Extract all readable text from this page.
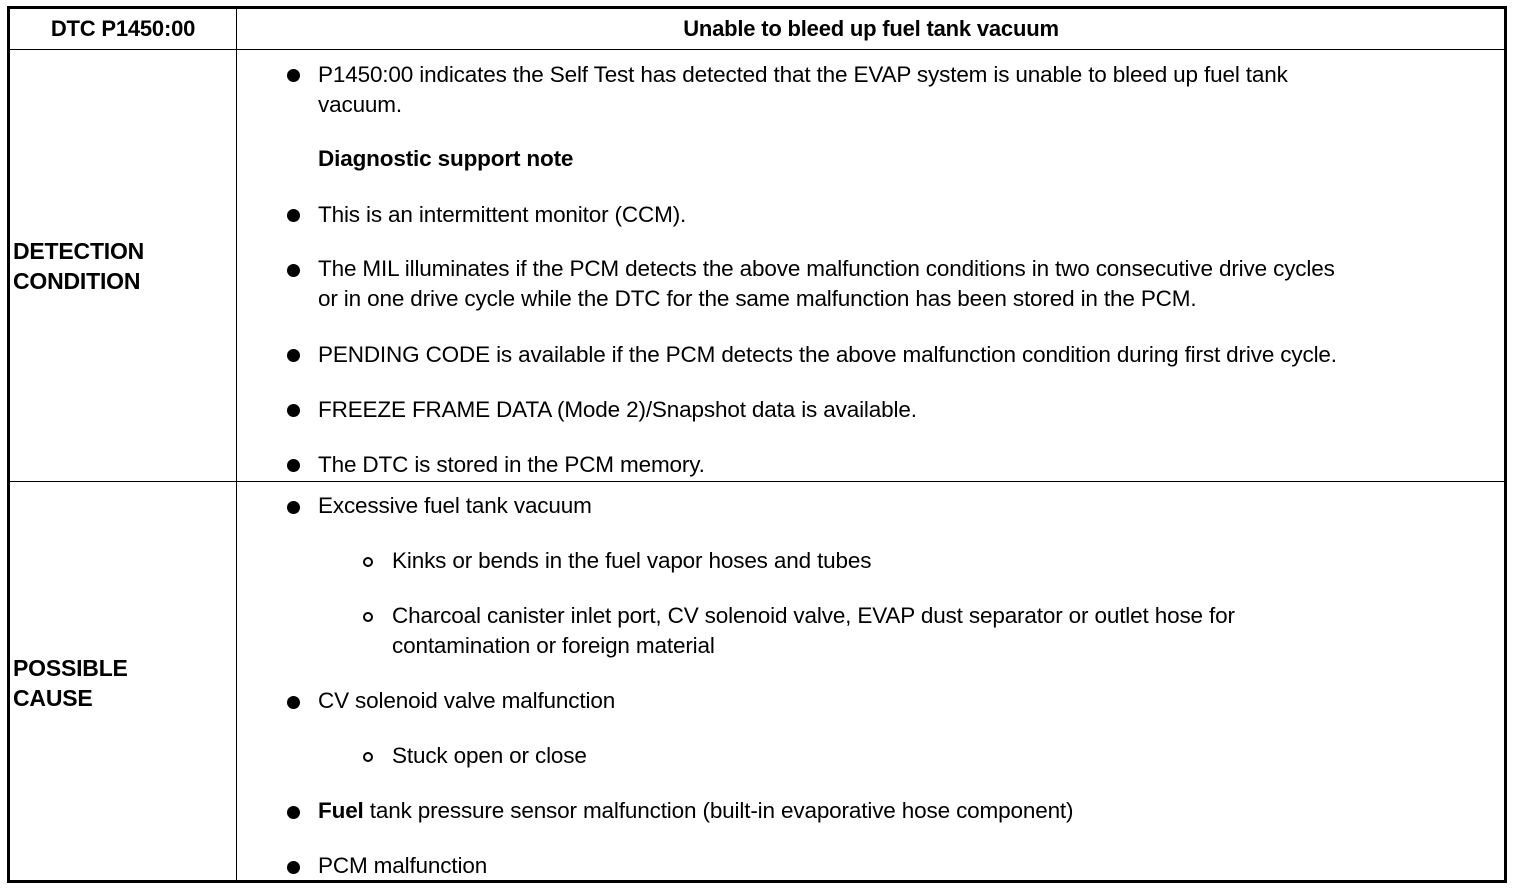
DTC P1450:00	Unable to bleed up fuel tank vacuum
DETECTION
CONDITION
POSSIBLE
CAUSE
P1450:00 indicates the Self Test has detected that the EVAP system is unable to bleed up fuel tank
vacuum.
Diagnostic support note
This is an intermittent monitor (CCM).
The MIL illuminates if the PCM detects the above malfunction conditions in two consecutive drive cycles
or in one drive cycle while the DTC for the same malfunction has been stored in the PCM.
PENDING CODE is available if the PCM detects the above malfunction condition during first drive cycle.
FREEZE FRAME DATA (Mode 2)/Snapshot data is available.
The DTC is stored in the PCM memory.
Excessive fuel tank vacuum
Kinks or bends in the fuel vapor hoses and tubes
Charcoal canister inlet port, CV solenoid valve, EVAP dust separator or outlet hose for
contamination or foreign material
CV solenoid valve malfunction
Stuck open or close
Fuel tank pressure sensor malfunction (built-in evaporative hose component)
PCM malfunction
